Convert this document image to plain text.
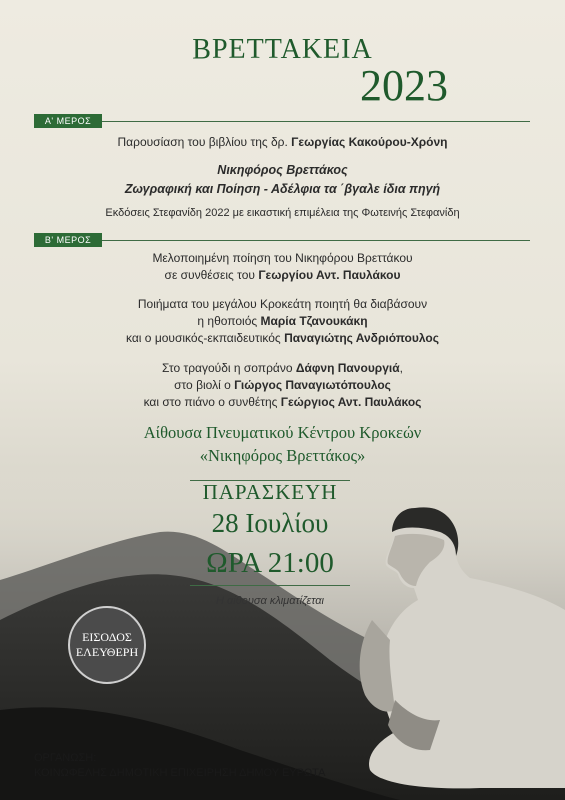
ΒΡΕΤΤΑΚΕΙΑ
2023
Α' ΜΕΡΟΣ
Παρουσίαση του βιβλίου της δρ. Γεωργίας Κακούρου-Χρόνη
Νικηφόρος Βρεττάκος
Ζωγραφική και Ποίηση - Αδέλφια τα ΄βγαλε ίδια πηγή
Εκδόσεις Στεφανίδη 2022 με εικαστική επιμέλεια της Φωτεινής Στεφανίδη
Β' ΜΕΡΟΣ
Μελοποιημένη ποίηση του Νικηφόρου Βρεττάκου
σε συνθέσεις του Γεωργίου Αντ. Παυλάκου
Ποιήματα του μεγάλου Κροκεάτη ποιητή θα διαβάσουν
η ηθοποιός Μαρία Τζανουκάκη
και ο μουσικός-εκπαιδευτικός Παναγιώτης Ανδριόπουλος
Στο τραγούδι η σοπράνο Δάφνη Πανουργιά,
στο βιολί ο Γιώργος Παναγιωτόπουλος
και στο πιάνο ο συνθέτης Γεώργιος Αντ. Παυλάκος
Αίθουσα Πνευματικού Κέντρου Κροκεών
«Νικηφόρος Βρεττάκος»
ΠΑΡΑΣΚΕΥΗ
28 Ιουλίου
ΩΡΑ 21:00
Η αίθουσα κλιματίζεται
ΕΙΣΟΔΟΣ
ΕΛΕΥΘΕΡΗ
ΟΡΓΑΝΩΣΗ:
ΚΟΙΝΩΦΕΛΗΣ ΔΗΜΟΤΙΚΗ ΕΠΙΧΕΙΡΗΣΗ ΔΗΜΟΥ ΕΥΡΩΤΑ
